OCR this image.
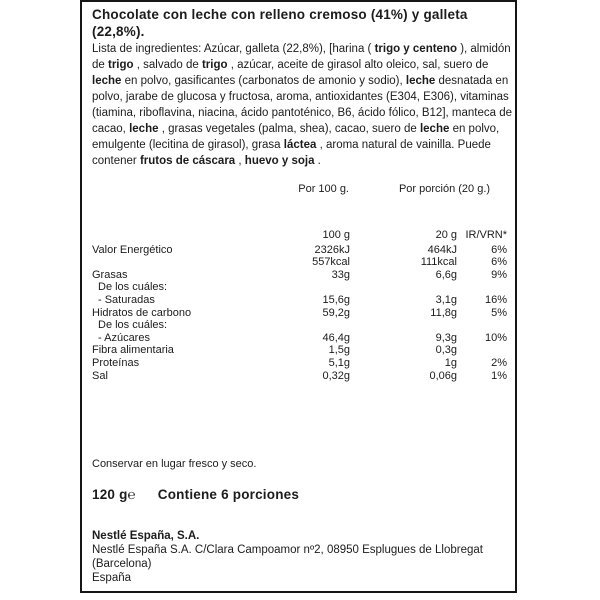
Chocolate con leche con relleno cremoso (41%) y galleta (22,8%).
Lista de ingredientes: Azúcar, galleta (22,8%), [harina ( trigo y centeno ), almidón de trigo , salvado de trigo , azúcar, aceite de girasol alto oleico, sal, suero de leche en polvo, gasificantes (carbonatos de amonio y sodio), leche desnatada en polvo, jarabe de glucosa y fructosa, aroma, antioxidantes (E304, E306), vitaminas (tiamina, riboflavina, niacina, ácido pantoténico, B6, ácido fólico, B12], manteca de cacao, leche , grasas vegetales (palma, shea), cacao, suero de leche en polvo, emulgente (lecitina de girasol), grasa láctea , aroma natural de vainilla. Puede contener frutos de cáscara , huevo y soja .
Por 100 g.	Por porción (20 g.)
100 g	20 g IR/VRN*
Valor Energético	2326kJ	464kJ	6%
557kcal	111kcal	6%
Grasas	33g	6,6g	9%
De los cuáles:
- Saturadas	15,6g	3,1g	16%
Hidratos de carbono	59,2g	11,8g	5%
De los cuáles:
- Azúcares	46,4g	9,3g	10%
Fibra alimentaria	1,5g	0,3g
Proteínas	5,1g	1g	2%
Sal	0,32g	0,06g	1%
Conservar en lugar fresco y seco.
120 g℮ Contiene 6 porciones
Nestlé España, S.A.
Nestlé España S.A. C/Clara Campoamor nº2, 08950 Esplugues de Llobregat
(Barcelona)
España
